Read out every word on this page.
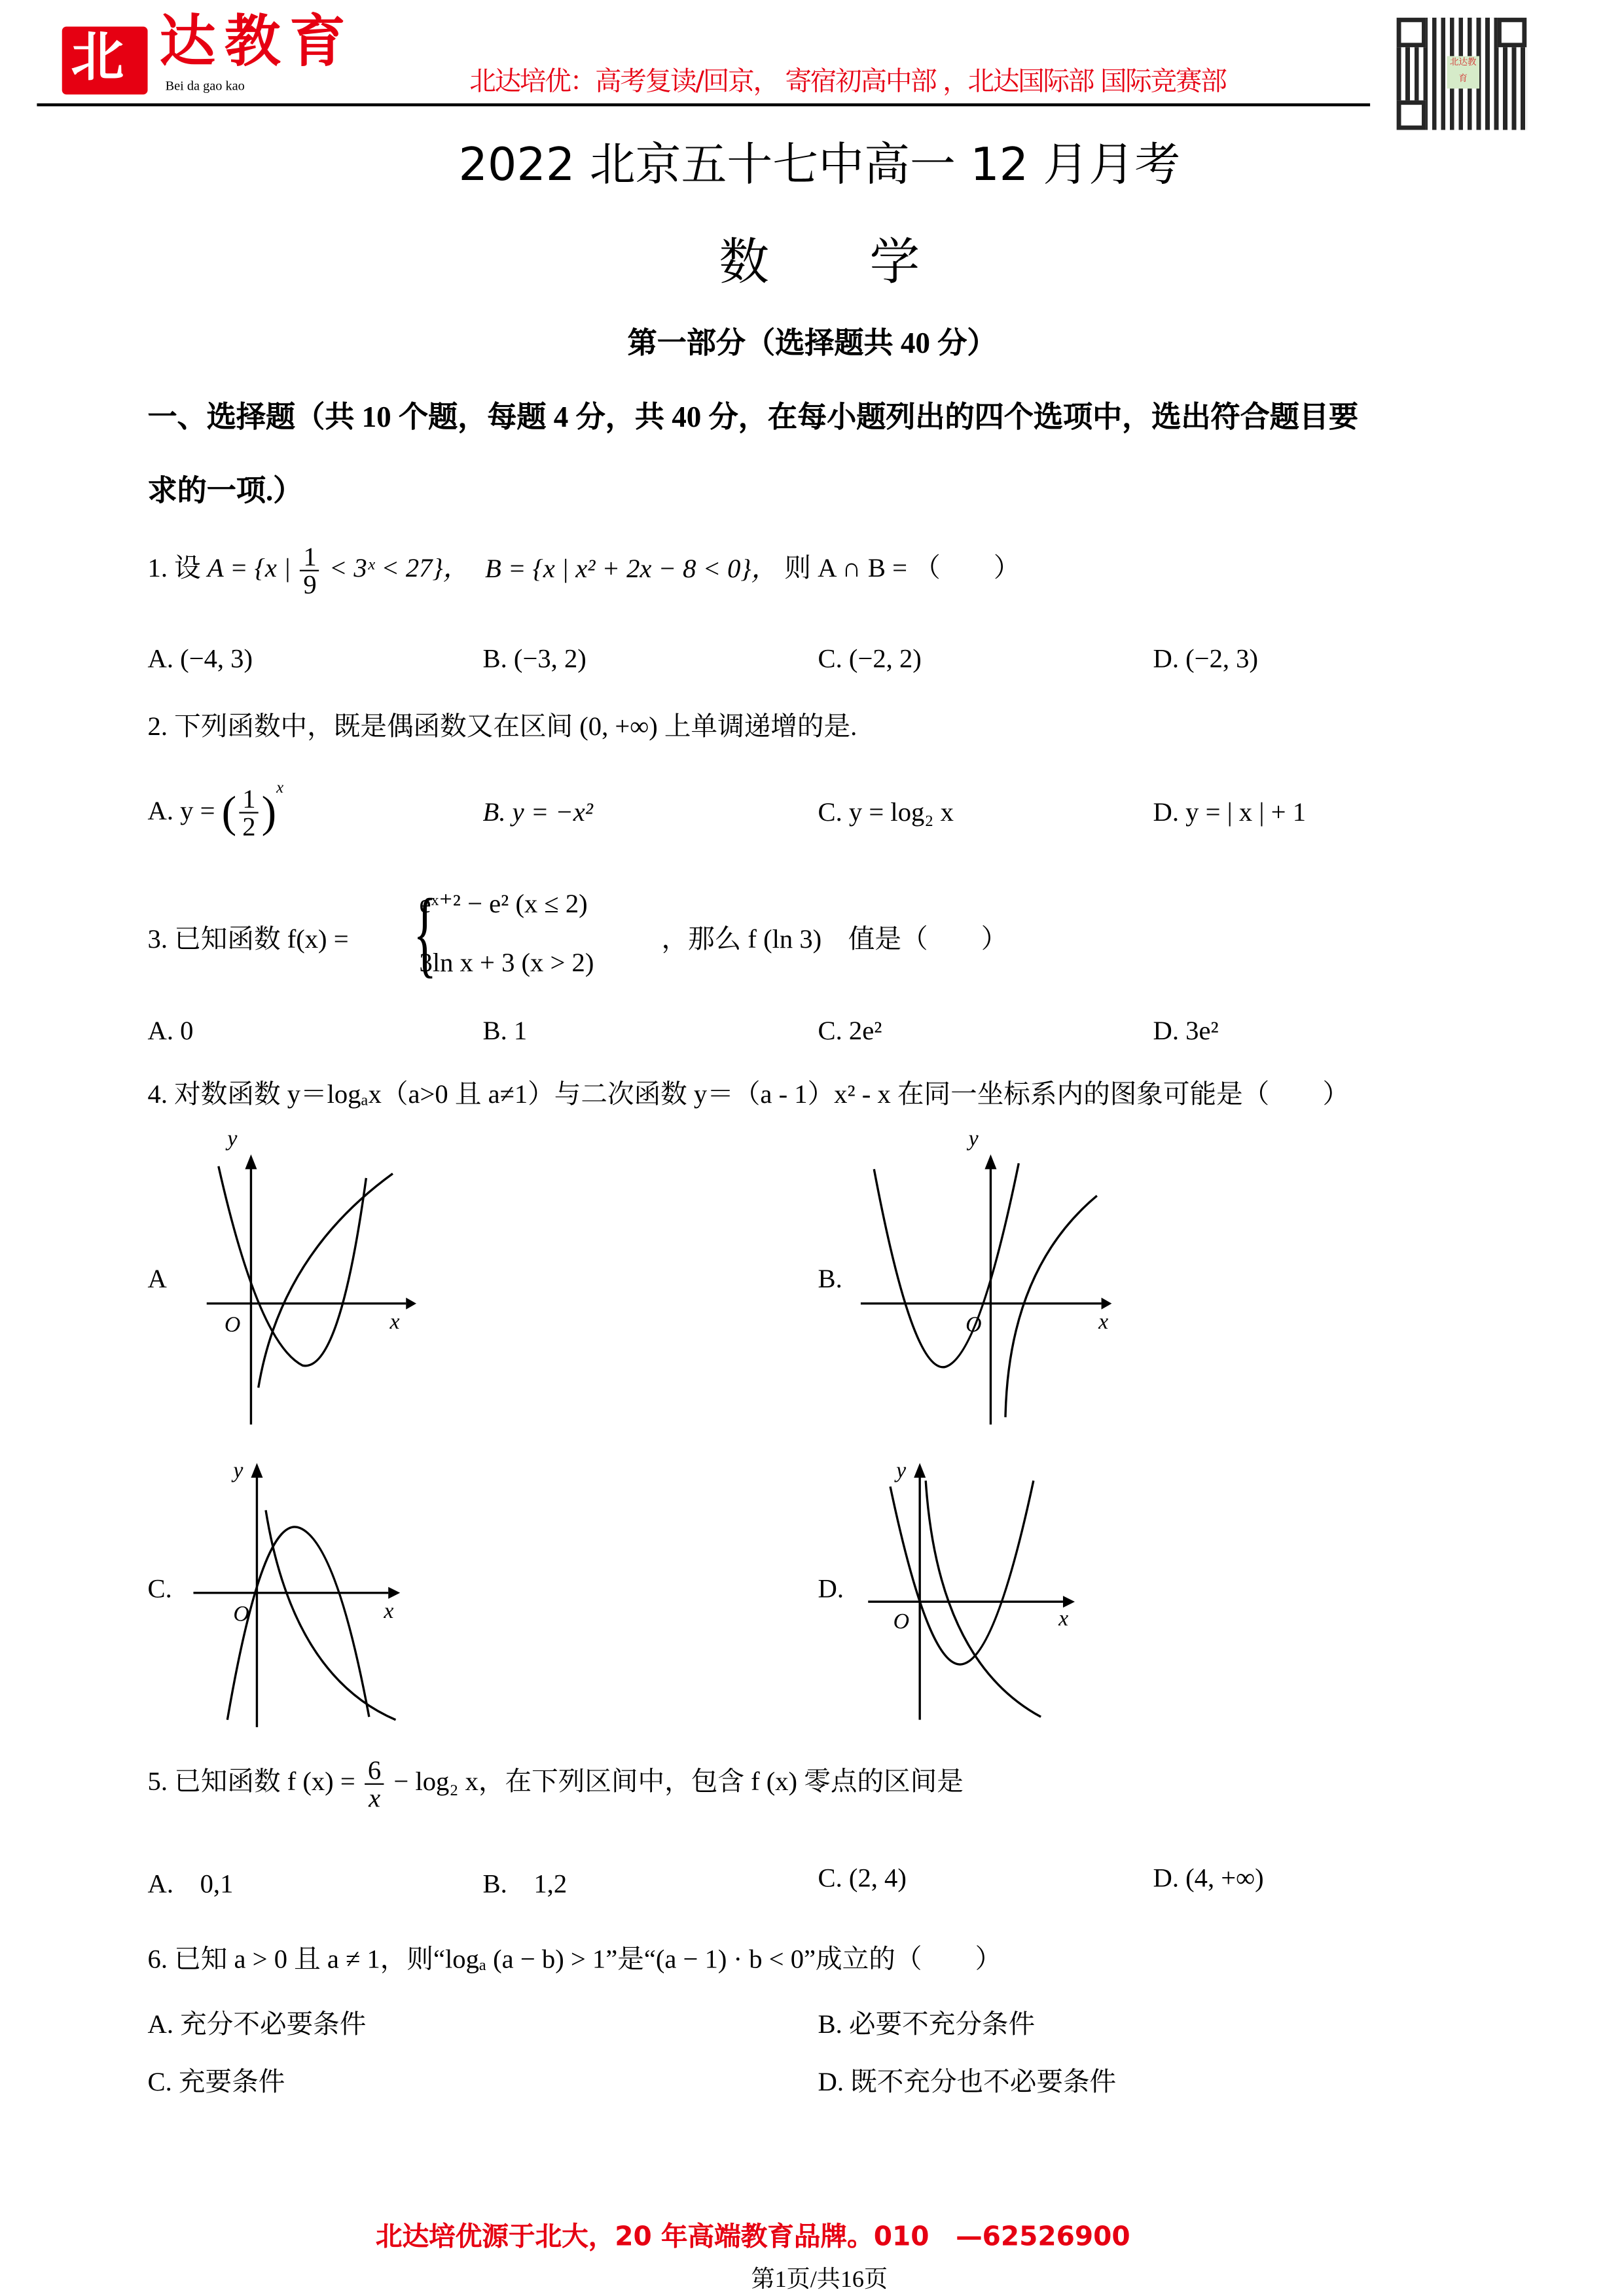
北 达教育
Bei da gao kao	北达培优：高考复读/回京， 寄宿初高中部 ，北达国际部 国际竞赛部
北达教育
2022 北京五十七中高一 12 月月考
数　　学
第一部分（选择题共 40 分）
一、选择题（共 10 个题，每题 4 分，共 40 分，在每小题列出的四个选项中，选出符合题目要
求的一项.）
1. 设 A = {x | $\frac{1}{9}$ < 3ˣ < 27}， B = {x | x² + 2x − 8 < 0}， 则 A ∩ B = （　　）
A. (−4, 3)	B. (−3, 2)	C. (−2, 2)	D. (−2, 3)
2. 下列函数中，既是偶函数又在区间 (0, +∞) 上单调递增的是.
A. y = ( $\frac{1}{2} )^x$
B. y = −x²	C. y = log₂ x	D. y = | x | + 1
3. 已知函数 f(x) = {
eˣ⁺² − e² (x ≤ 2)
3ln x + 3 (x > 2)
，那么 f (ln 3)　值是（　　）
A. 0	B. 1	C. 2e²	D. 3e²
4. 对数函数 y＝logₐx（a>0 且 a≠1）与二次函数 y＝（a - 1）x² - x 在同一坐标系内的图象可能是（　　）
A	B.
C.	D.
y
x
O
y
x
O
y
x
O
y
x
O
5. 已知函数 f $(x) = \frac{6}{x} - \log_2$ x，在下列区间中，包含 f (x) 零点的区间是
A.　0,1	B.　1,2	C. (2, 4)	D. (4, +∞)
6. 已知 a > 0 且 a ≠ 1，则“logₐ (a − b) > 1”是“(a − 1) · b < 0”成立的（　　）
A. 充分不必要条件	B. 必要不充分条件
C. 充要条件	D. 既不充分也不必要条件
北达培优源于北大，20 年高端教育品牌。010　—62526900
第1页/共16页
